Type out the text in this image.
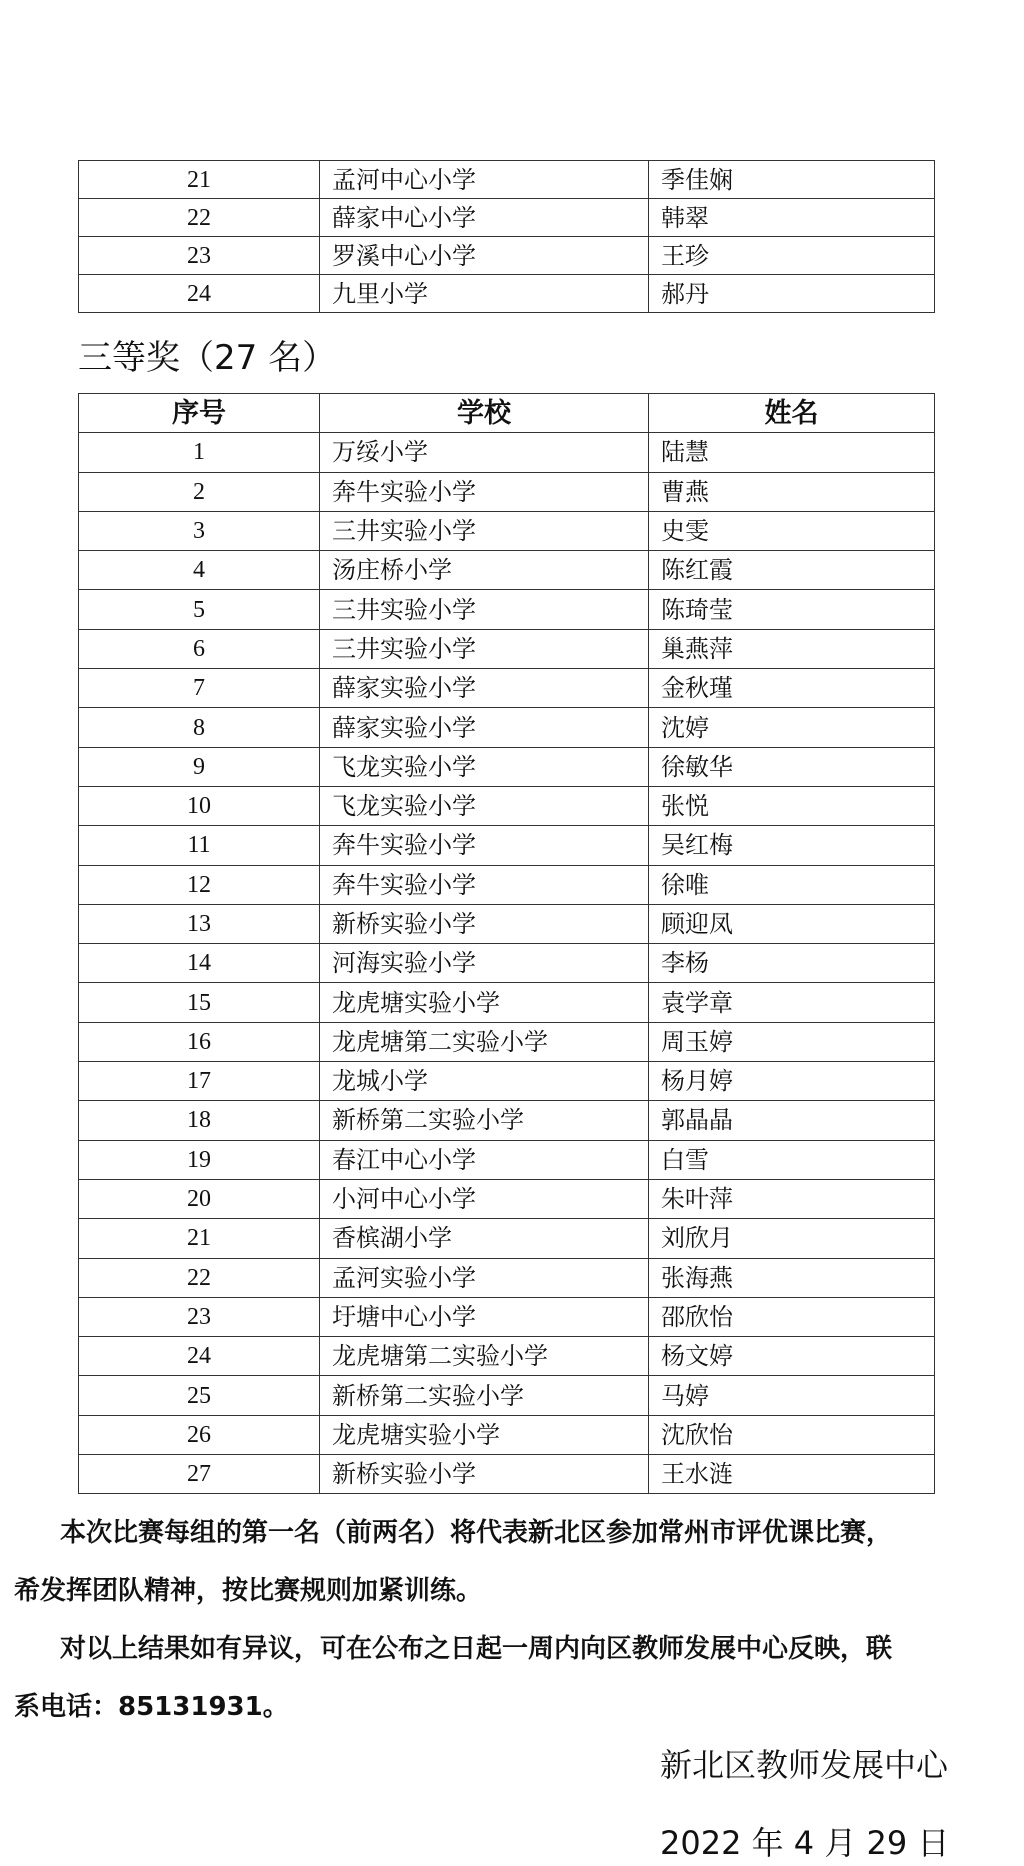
21	孟河中心小学	季佳娴
22	薛家中心小学	韩翠
23	罗溪中心小学	王珍
24	九里小学	郝丹
三等奖（27 名）
序号	学校	姓名
1	万绥小学	陆慧
2	奔牛实验小学	曹燕
3	三井实验小学	史雯
4	汤庄桥小学	陈红霞
5	三井实验小学	陈琦莹
6	三井实验小学	巢燕萍
7	薛家实验小学	金秋瑾
8	薛家实验小学	沈婷
9	飞龙实验小学	徐敏华
10	飞龙实验小学	张悦
11	奔牛实验小学	吴红梅
12	奔牛实验小学	徐唯
13	新桥实验小学	顾迎凤
14	河海实验小学	李杨
15	龙虎塘实验小学	袁学章
16	龙虎塘第二实验小学	周玉婷
17	龙城小学	杨月婷
18	新桥第二实验小学	郭晶晶
19	春江中心小学	白雪
20	小河中心小学	朱叶萍
21	香槟湖小学	刘欣月
22	孟河实验小学	张海燕
23	圩塘中心小学	邵欣怡
24	龙虎塘第二实验小学	杨文婷
25	新桥第二实验小学	马婷
26	龙虎塘实验小学	沈欣怡
27	新桥实验小学	王水涟
本次比赛每组的第一名（前两名）将代表新北区参加常州市评优课比赛，
希发挥团队精神，按比赛规则加紧训练。
对以上结果如有异议，可在公布之日起一周内向区教师发展中心反映，联
系电话：85131931。
新北区教师发展中心
2022 年 4 月 29 日
